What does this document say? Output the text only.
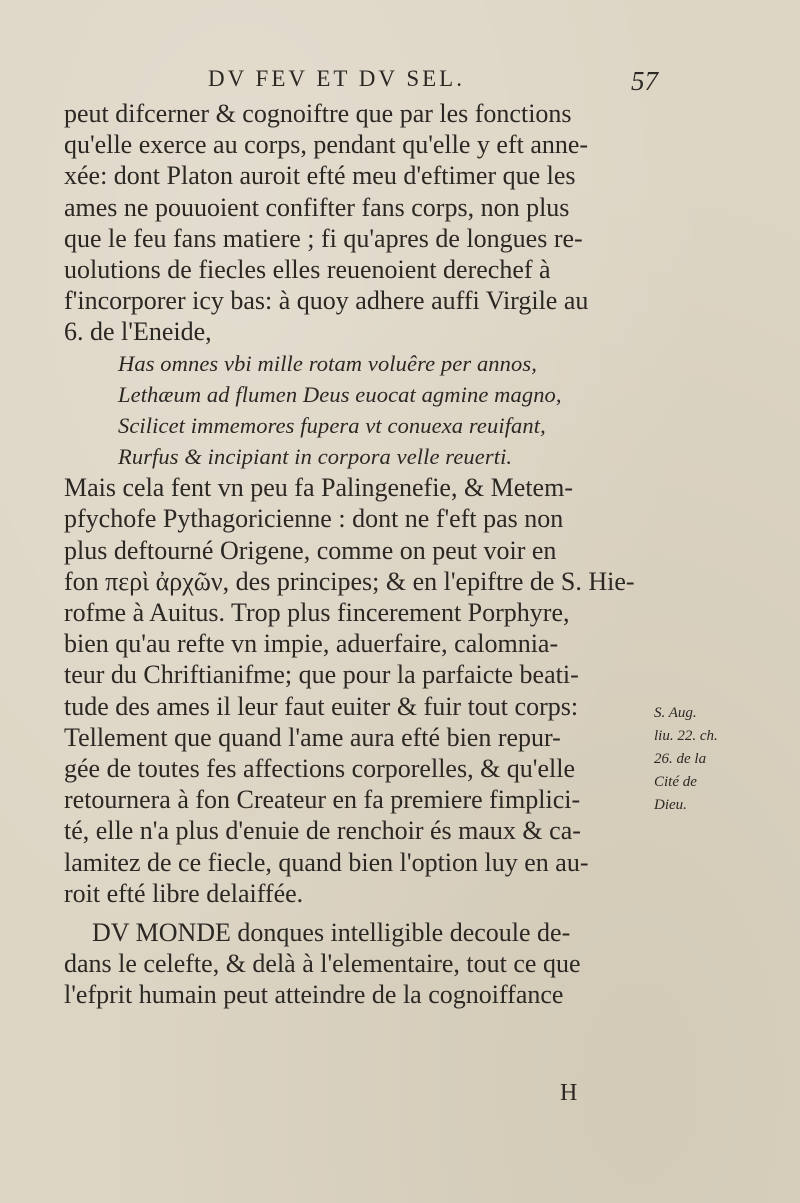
DV FEV ET DV SEL.	57
peut difcerner & cognoiftre que par les fonctions
qu'elle exerce au corps, pendant qu'elle y eft anne-
xée: dont Platon auroit efté meu d'eftimer que les
ames ne pouuoient confifter fans corps, non plus
que le feu fans matiere ; fi qu'apres de longues re-
uolutions de fiecles elles reuenoient derechef à
f'incorporer icy bas: à quoy adhere auffi Virgile au
6. de l'Eneide,
Has omnes vbi mille rotam voluêre per annos,
Lethæum ad flumen Deus euocat agmine magno,
Scilicet immemores fupera vt conuexa reuifant,
Rurfus & incipiant in corpora velle reuerti.
Mais cela fent vn peu fa Palingenefie, & Metem-
pfychofe Pythagoricienne : dont ne f'eft pas non
plus deftourné Origene, comme on peut voir en
fon περὶ ἀρχῶν, des principes; & en l'epiftre de S. Hie-
rofme à Auitus. Trop plus fincerement Porphyre,
bien qu'au refte vn impie, aduerfaire, calomnia-
teur du Chriftianifme; que pour la parfaicte beati-
tude des ames il leur faut euiter & fuir tout corps:
Tellement que quand l'ame aura efté bien repur-
gée de toutes fes affections corporelles, & qu'elle
retournera à fon Createur en fa premiere fimplici-
té, elle n'a plus d'enuie de renchoir és maux & ca-
lamitez de ce fiecle, quand bien l'option luy en au-
roit efté libre delaiffée.
DV MONDE donques intelligible decoule de-
dans le celefte, & delà à l'elementaire, tout ce que
l'efprit humain peut atteindre de la cognoiffance
S. Aug.
liu. 22. ch.
26. de la
Cité de
Dieu.
H
